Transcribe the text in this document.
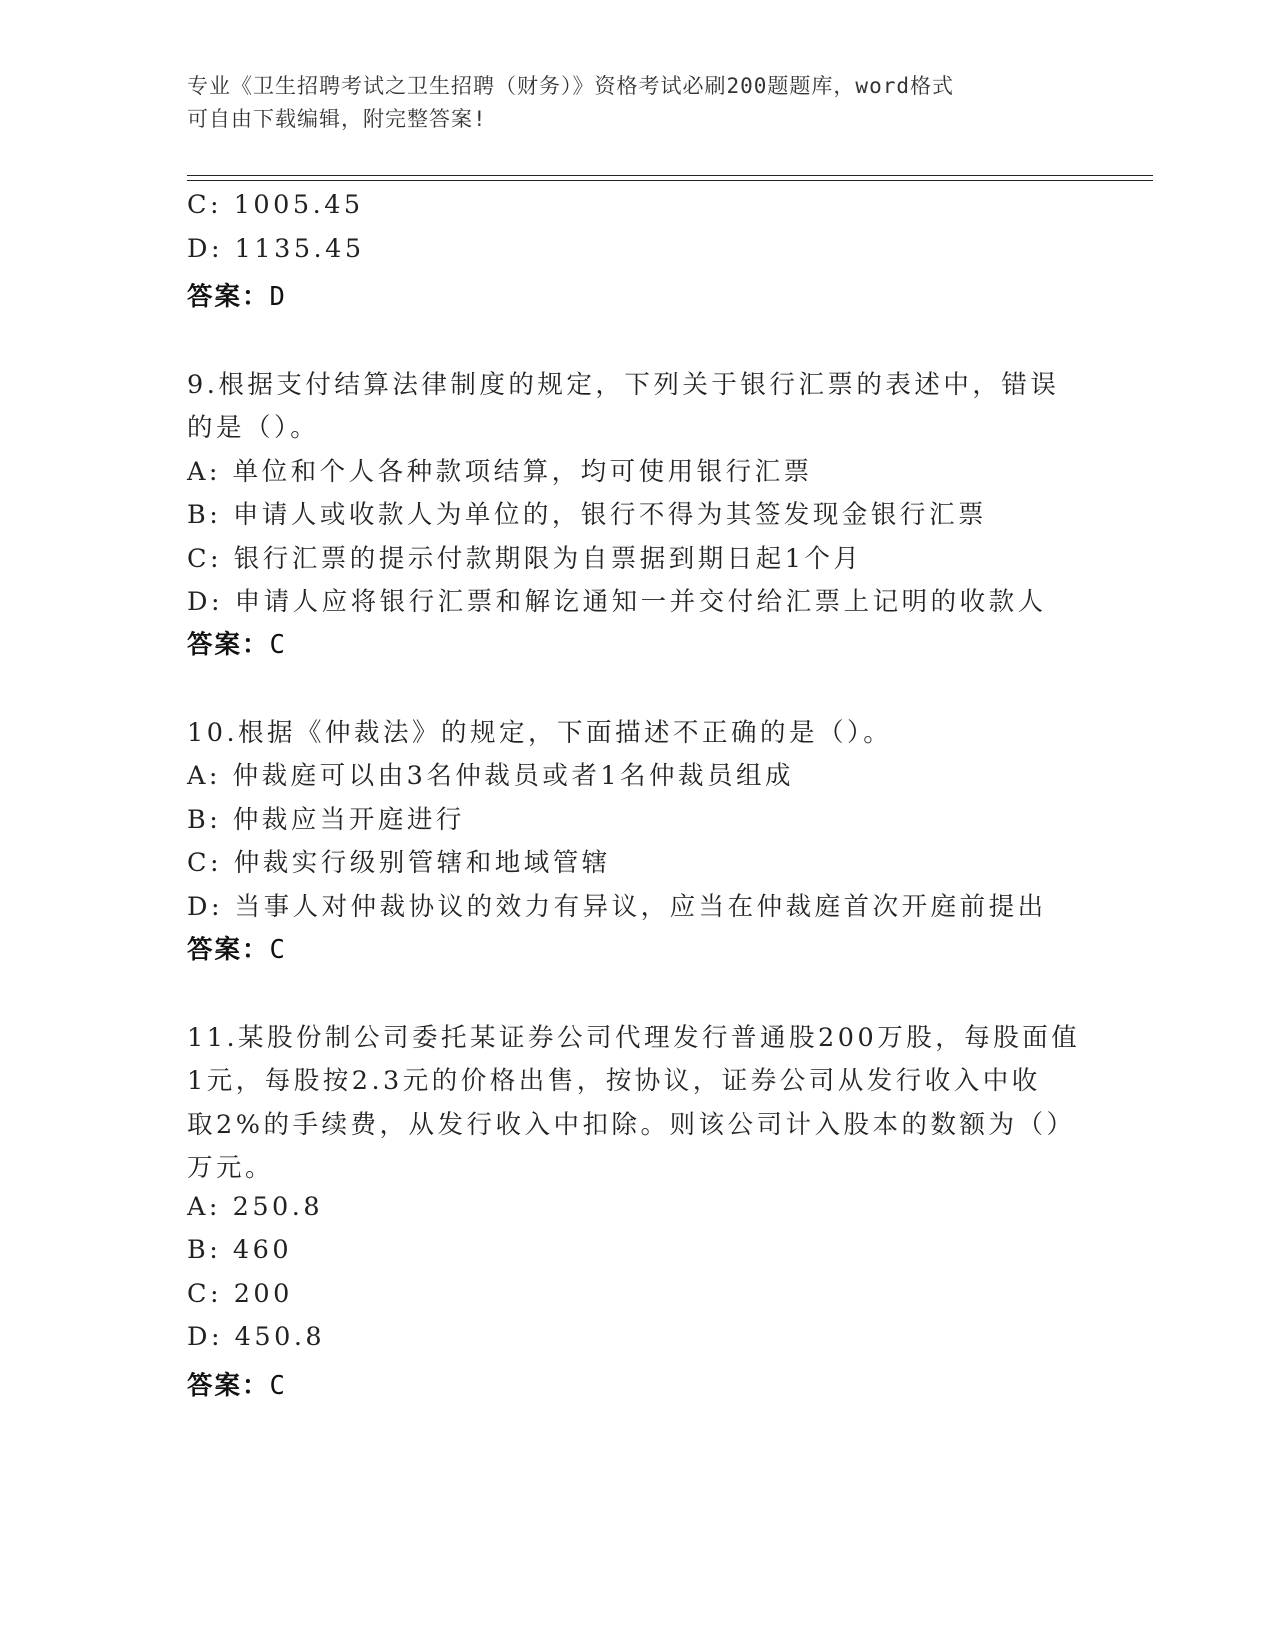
专业《卫生招聘考试之卫生招聘（财务）》资格考试必刷200题题库，word格式
可自由下载编辑，附完整答案!
C: 1005.45
D: 1135.45
答案：D
9.根据支付结算法律制度的规定，下列关于银行汇票的表述中，错误
的是（）。
A: 单位和个人各种款项结算，均可使用银行汇票
B: 申请人或收款人为单位的，银行不得为其签发现金银行汇票
C: 银行汇票的提示付款期限为自票据到期日起1个月
D: 申请人应将银行汇票和解讫通知一并交付给汇票上记明的收款人
答案：C
10.根据《仲裁法》的规定，下面描述不正确的是（）。
A: 仲裁庭可以由3名仲裁员或者1名仲裁员组成
B: 仲裁应当开庭进行
C: 仲裁实行级别管辖和地域管辖
D: 当事人对仲裁协议的效力有异议，应当在仲裁庭首次开庭前提出
答案：C
11.某股份制公司委托某证券公司代理发行普通股200万股，每股面值
1元，每股按2.3元的价格出售，按协议，证券公司从发行收入中收
取2%的手续费，从发行收入中扣除。则该公司计入股本的数额为（）
万元。
A: 250.8
B: 460
C: 200
D: 450.8
答案：C
